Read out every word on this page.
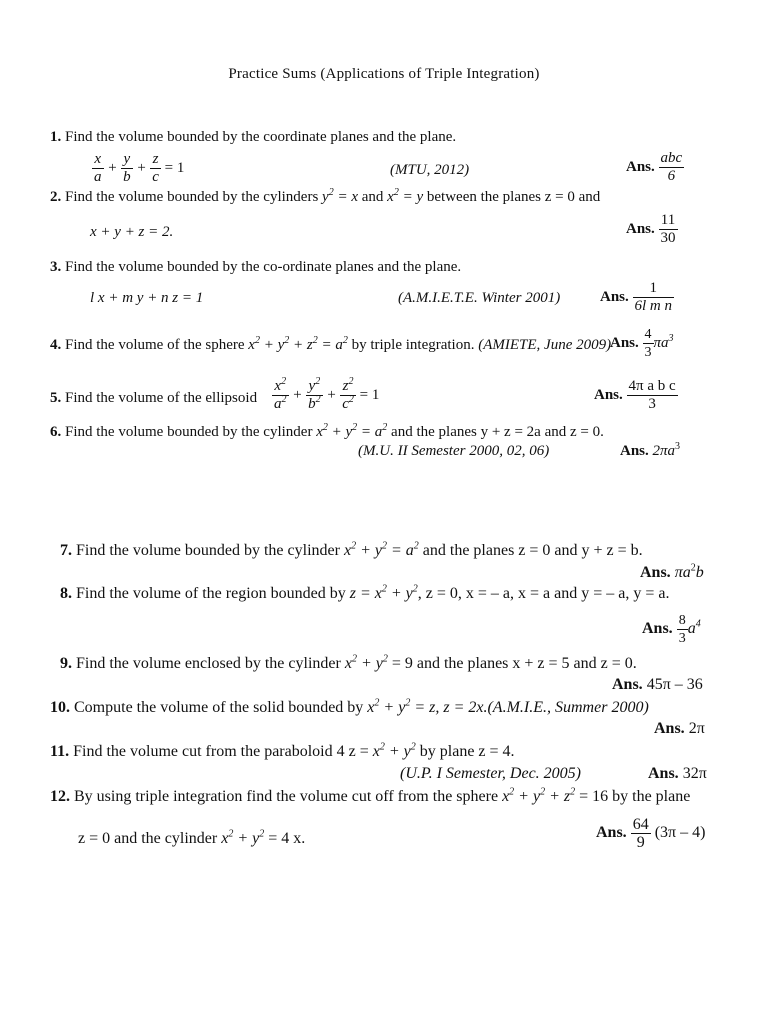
Practice Sums (Applications of Triple Integration)
1. Find the volume bounded by the coordinate planes and the plane.
$\frac{x}{a} + \frac{y}{b} + \frac{z}{c} = 1$	(MTU, 2012)	Ans. $\frac{\text{abc}}{6}$
2. Find the volume bounded by the cylinders $y^2 = x$ and $x^2 = y$ between the planes z = 0 and
x + y + z = 2.	Ans. $\frac{11}{30}$
3. Find the volume bounded by the co-ordinate planes and the plane.
l x + m y + n z = 1	(A.M.I.E.T.E. Winter 2001)	Ans. $\frac{1}{\text{6l m n}}$
4. Find the volume of the sphere $x^2 + y^2 + z^2 = a^2$ by triple integration. (AMIETE, June 2009)
Ans. $\frac{4}{3} \pi a^3$
5. Find the volume of the ellipsoid $\frac{x^2}{a^2} + \frac{y^2}{b^2} + \frac{z^2}{c^2} = 1$	Ans. $\frac{\text{4π a b c}}{3}$
6. Find the volume bounded by the cylinder $x^2 + y^2 = a^2$ and the planes y + z = 2a and z = 0.
(M.U. II Semester 2000, 02, 06)	Ans. $2\pi a^3$
7. Find the volume bounded by the cylinder $x^2 + y^2 = a^2$ and the planes z = 0 and y + z = b.
Ans. $\pi a^2b$
8. Find the volume of the region bounded by $z = x^2 + y^2$, z = 0, x = – a, x = a and y = – a, y = a.
Ans. $\frac{8}{3} a^4$
9. Find the volume enclosed by the cylinder $x^2 + y^2 = 9$ and the planes x + z = 5 and z = 0.
Ans. 45π – 36
10. Compute the volume of the solid bounded by $x^2 + y^2 = z$, z = 2x.(A.M.I.E., Summer 2000)
Ans. 2π
11. Find the volume cut from the paraboloid 4 $z = x^2 + y^2$ by plane z = 4.
(U.P. I Semester, Dec. 2005)	Ans. 32π
12. By using triple integration find the volume cut off from the sphere $x^2 + y^2 + z^2 = 16$ by the plane
z = 0 and the cylinder $x^2 + y^2 = 4$ x.	Ans. $\frac{64}{9} (3\pi - 4)$
